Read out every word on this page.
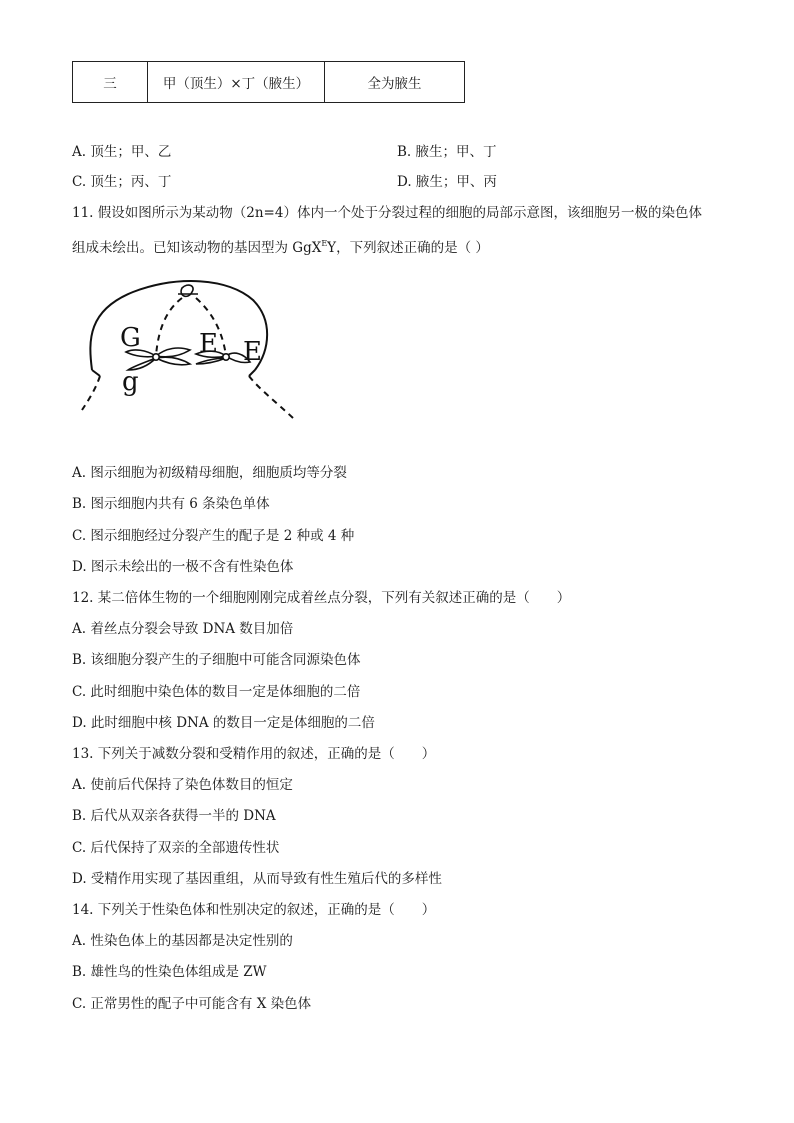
三	甲（顶生）×丁（腋生）	全为腋生
A. 顶生；甲、乙	B. 腋生；甲、丁
C. 顶生；丙、丁	D. 腋生；甲、丙
11. 假设如图所示为某动物（2n=4）体内一个处于分裂过程的细胞的局部示意图，该细胞另一极的染色体
组成未绘出。已知该动物的基因型为 GgX$^E$Y，下列叙述正确的是（ ）
G
g
E E
A. 图示细胞为初级精母细胞，细胞质均等分裂
B. 图示细胞内共有 6 条染色单体
C. 图示细胞经过分裂产生的配子是 2 种或 4 种
D. 图示未绘出的一极不含有性染色体
12. 某二倍体生物的一个细胞刚刚完成着丝点分裂，下列有关叙述正确的是（　　）
A. 着丝点分裂会导致 DNA 数目加倍
B. 该细胞分裂产生的子细胞中可能含同源染色体
C. 此时细胞中染色体的数目一定是体细胞的二倍
D. 此时细胞中核 DNA 的数目一定是体细胞的二倍
13. 下列关于减数分裂和受精作用的叙述，正确的是（　　）
A. 使前后代保持了染色体数目的恒定
B. 后代从双亲各获得一半的 DNA
C. 后代保持了双亲的全部遗传性状
D. 受精作用实现了基因重组，从而导致有性生殖后代的多样性
14. 下列关于性染色体和性别决定的叙述，正确的是（　　）
A. 性染色体上的基因都是决定性别的
B. 雄性鸟的性染色体组成是 ZW
C. 正常男性的配子中可能含有 X 染色体
